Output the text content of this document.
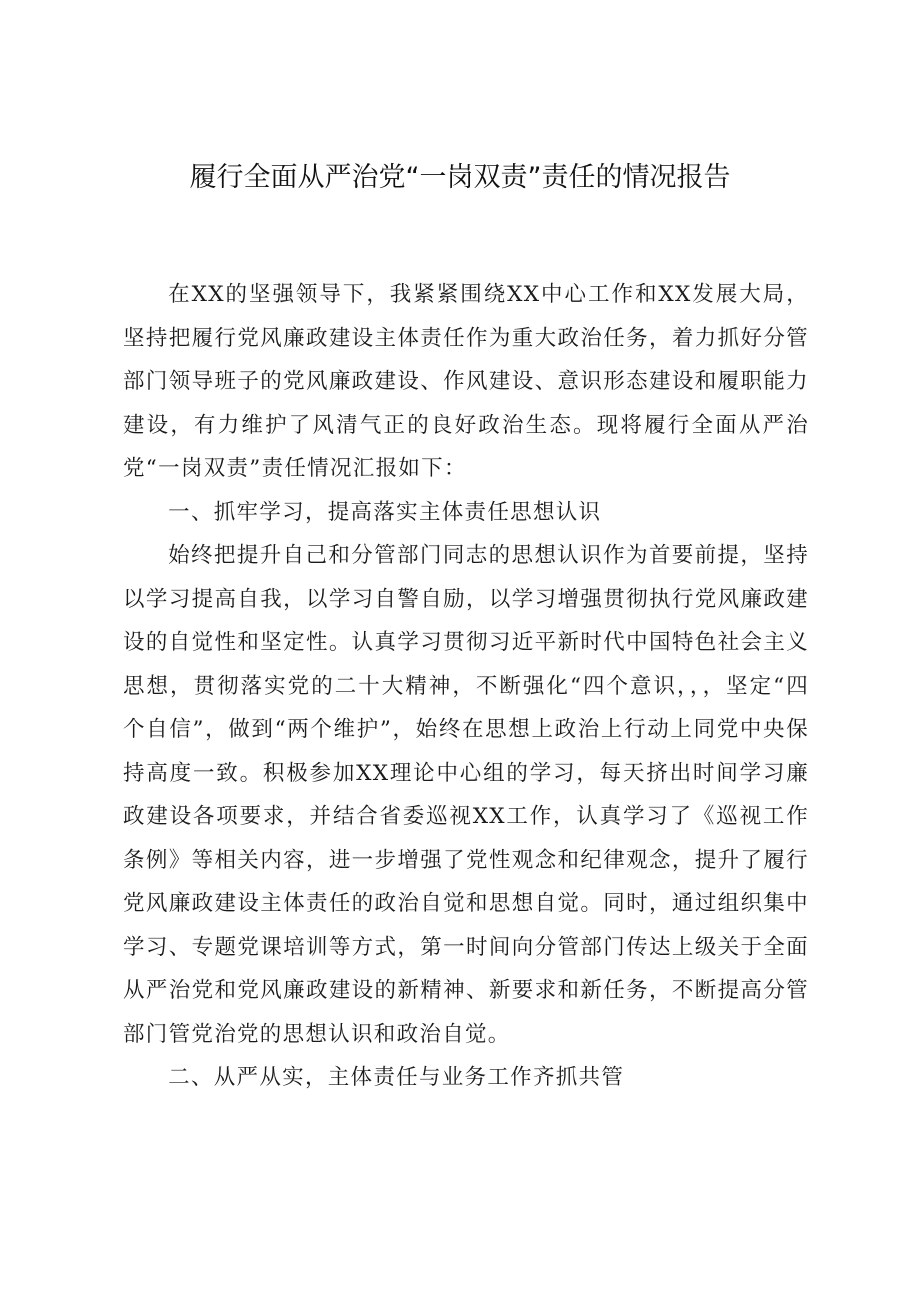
履行全面从严治党“一岗双责”责任的情况报告

在XX的坚强领导下，我紧紧围绕XX中心工作和XX发展大局，坚持把履行党风廉政建设主体责任作为重大政治任务，着力抓好分管部门领导班子的党风廉政建设、作风建设、意识形态建设和履职能力建设，有力维护了风清气正的良好政治生态。现将履行全面从严治党“一岗双责”责任情况汇报如下：

一、抓牢学习，提高落实主体责任思想认识

始终把提升自己和分管部门同志的思想认识作为首要前提，坚持以学习提高自我，以学习自警自励，以学习增强贯彻执行党风廉政建设的自觉性和坚定性。认真学习贯彻习近平新时代中国特色社会主义思想，贯彻落实党的二十大精神，不断强化“四个意识，，，坚定“四个自信”，做到“两个维护”，始终在思想上政治上行动上同党中央保持高度一致。积极参加XX理论中心组的学习，每天挤出时间学习廉政建设各项要求，并结合省委巡视XX工作，认真学习了《巡视工作条例》等相关内容，进一步增强了党性观念和纪律观念，提升了履行党风廉政建设主体责任的政治自觉和思想自觉。同时，通过组织集中学习、专题党课培训等方式，第一时间向分管部门传达上级关于全面从严治党和党风廉政建设的新精神、新要求和新任务，不断提高分管部门管党治党的思想认识和政治自觉。

二、从严从实，主体责任与业务工作齐抓共管
